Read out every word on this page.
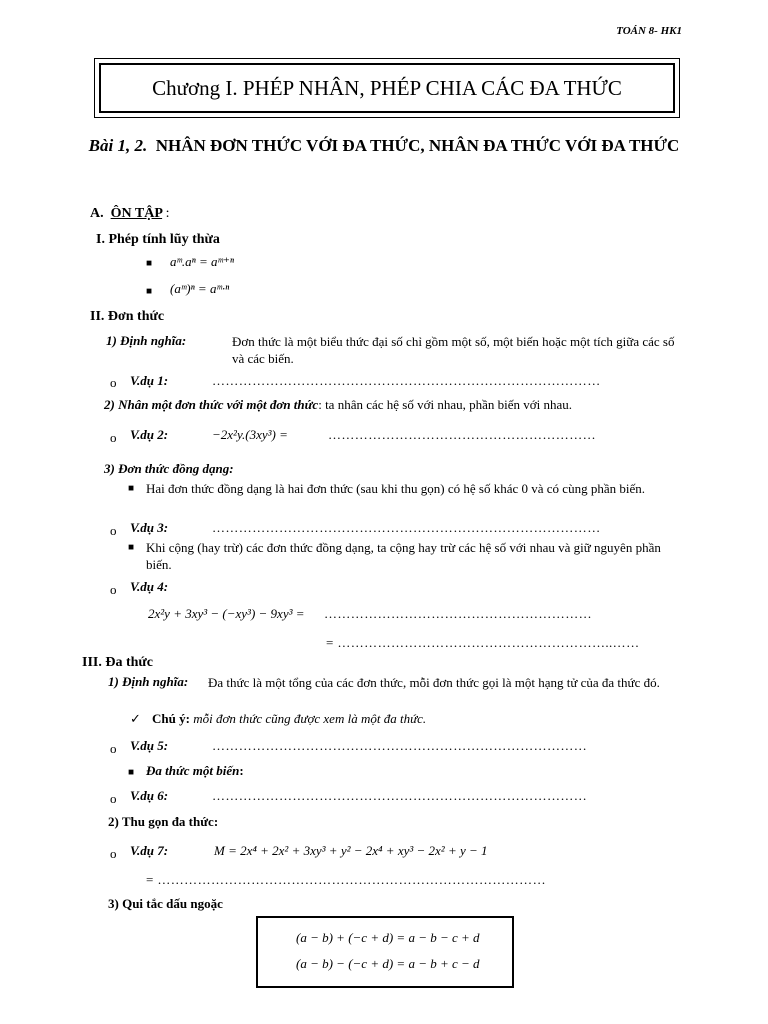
TOÁN 8- HK1
Chương I. PHÉP NHÂN, PHÉP CHIA CÁC ĐA THỨC
Bài 1, 2. NHÂN ĐƠN THỨC VỚI ĐA THỨC, NHÂN ĐA THỨC VỚI ĐA THỨC
A. ÔN TẬP :
I. Phép tính lũy thừa
■ aᵐ.aⁿ = aᵐ⁺ⁿ
■ (aᵐ)ⁿ = aᵐ·ⁿ
II. Đơn thức
1) Định nghĩa:	Đơn thức là một biểu thức đại số chỉ gồm một số, một biến hoặc một tích giữa các số và các biến.
o V.dụ 1:	……………………………………………………………………………
2) Nhân một đơn thức với một đơn thức: ta nhân các hệ số với nhau, phần biến với nhau.
o V.dụ 2:	−2x²y.(3xy³) =	……………………………………………………
3) Đơn thức đồng dạng:
■ Hai đơn thức đồng dạng là hai đơn thức (sau khi thu gọn) có hệ số khác 0 và có cùng phần biến.
o V.dụ 3:	……………………………………………………………………………
■ Khi cộng (hay trừ) các đơn thức đồng dạng, ta cộng hay trừ các hệ số với nhau và giữ nguyên phần biến.
o V.dụ 4:
2x²y + 3xy³ − (−xy³) − 9xy³ = ……………………………………………………
= ……………………………………………………..……
III. Đa thức
1) Định nghĩa: Đa thức là một tổng của các đơn thức, mỗi đơn thức gọi là một hạng tử của đa thức đó.
✓ Chú ý: mỗi đơn thức cũng được xem là một đa thức.
o V.dụ 5:	…………………………………………………………………………
■ Đa thức một biến:
o V.dụ 6:	…………………………………………………………………………
2) Thu gọn đa thức:
o V.dụ 7:	M = 2x⁴ + 2x² + 3xy³ + y² − 2x⁴ + xy³ − 2x² + y − 1
= ……………………………………………………………………………
3) Qui tắc dấu ngoặc
(a − b) + (−c + d) = a − b − c + d
(a − b) − (−c + d) = a − b + c − d
